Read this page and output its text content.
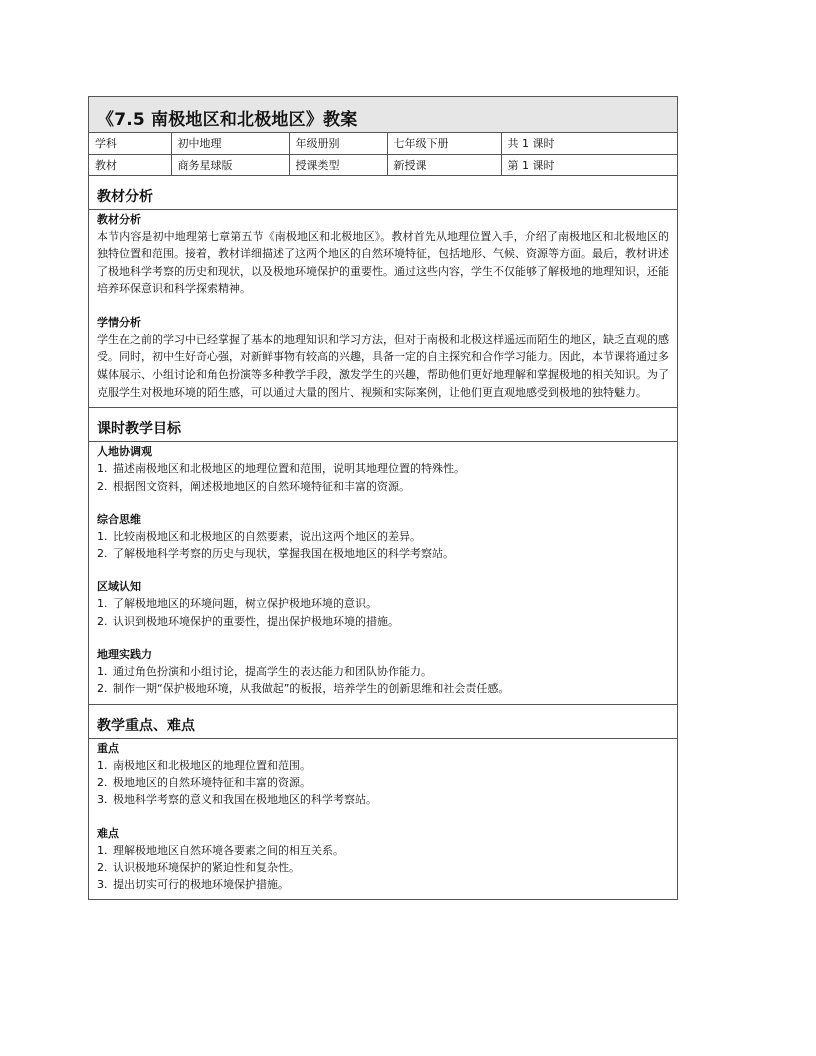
《7.5 南极地区和北极地区》教案
学科	初中地理	年级册别	七年级下册	共 1 课时
教材	商务星球版	授课类型	新授课	第 1 课时
教材分析
教材分析

本节内容是初中地理第七章第五节《南极地区和北极地区》。教材首先从地理位置入手，介绍了南极地区和北极地区的独特位置和范围。接着，教材详细描述了这两个地区的自然环境特征，包括地形、气候、资源等方面。最后，教材讲述了极地科学考察的历史和现状，以及极地环境保护的重要性。通过这些内容，学生不仅能够了解极地的地理知识，还能培养环保意识和科学探索精神。

学情分析

学生在之前的学习中已经掌握了基本的地理知识和学习方法，但对于南极和北极这样遥远而陌生的地区，缺乏直观的感受。同时，初中生好奇心强，对新鲜事物有较高的兴趣，具备一定的自主探究和合作学习能力。因此，本节课将通过多媒体展示、小组讨论和角色扮演等多种教学手段，激发学生的兴趣，帮助他们更好地理解和掌握极地的相关知识。为了克服学生对极地环境的陌生感，可以通过大量的图片、视频和实际案例，让他们更直观地感受到极地的独特魅力。

课时教学目标
人地协调观
1. 描述南极地区和北极地区的地理位置和范围，说明其地理位置的特殊性。
2. 根据图文资料，阐述极地地区的自然环境特征和丰富的资源。
综合思维
1. 比较南极地区和北极地区的自然要素，说出这两个地区的差异。
2. 了解极地科学考察的历史与现状，掌握我国在极地地区的科学考察站。
区域认知
1. 了解极地地区的环境问题，树立保护极地环境的意识。
2. 认识到极地环境保护的重要性，提出保护极地环境的措施。
地理实践力
1. 通过角色扮演和小组讨论，提高学生的表达能力和团队协作能力。
2. 制作一期“保护极地环境，从我做起”的板报，培养学生的创新思维和社会责任感。
教学重点、难点
重点
1. 南极地区和北极地区的地理位置和范围。
2. 极地地区的自然环境特征和丰富的资源。
3. 极地科学考察的意义和我国在极地地区的科学考察站。
难点
1. 理解极地地区自然环境各要素之间的相互关系。
2. 认识极地环境保护的紧迫性和复杂性。
3. 提出切实可行的极地环境保护措施。
